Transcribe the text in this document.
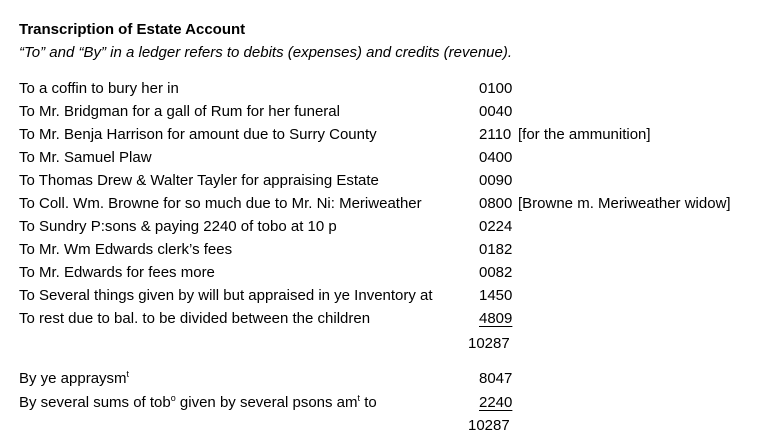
Transcription of Estate Account
“To” and “By” in a ledger refers to debits (expenses) and credits (revenue).
To a coffin to bury her in	0100
To Mr. Bridgman for a gall of Rum for her funeral	0040
To Mr. Benja Harrison for amount due to Surry County	2110 [for the ammunition]
To Mr. Samuel Plaw	0400
To Thomas Drew & Walter Tayler for appraising Estate	0090
To Coll. Wm. Browne for so much due to Mr. Ni: Meriweather	0800 [Browne m. Meriweather widow]
To Sundry P:sons & paying 2240 of tobo at 10 p	0224
To Mr. Wm Edwards clerk’s fees	0182
To Mr. Edwards for fees more	0082
To Several things given by will but appraised in ye Inventory at	1450
To rest due to bal. to be divided between the children	4809
10287
By ye appraysm$^t$	8047
By several sums of tob$^o$ given by several psons $am^t$ to	2240
10287
